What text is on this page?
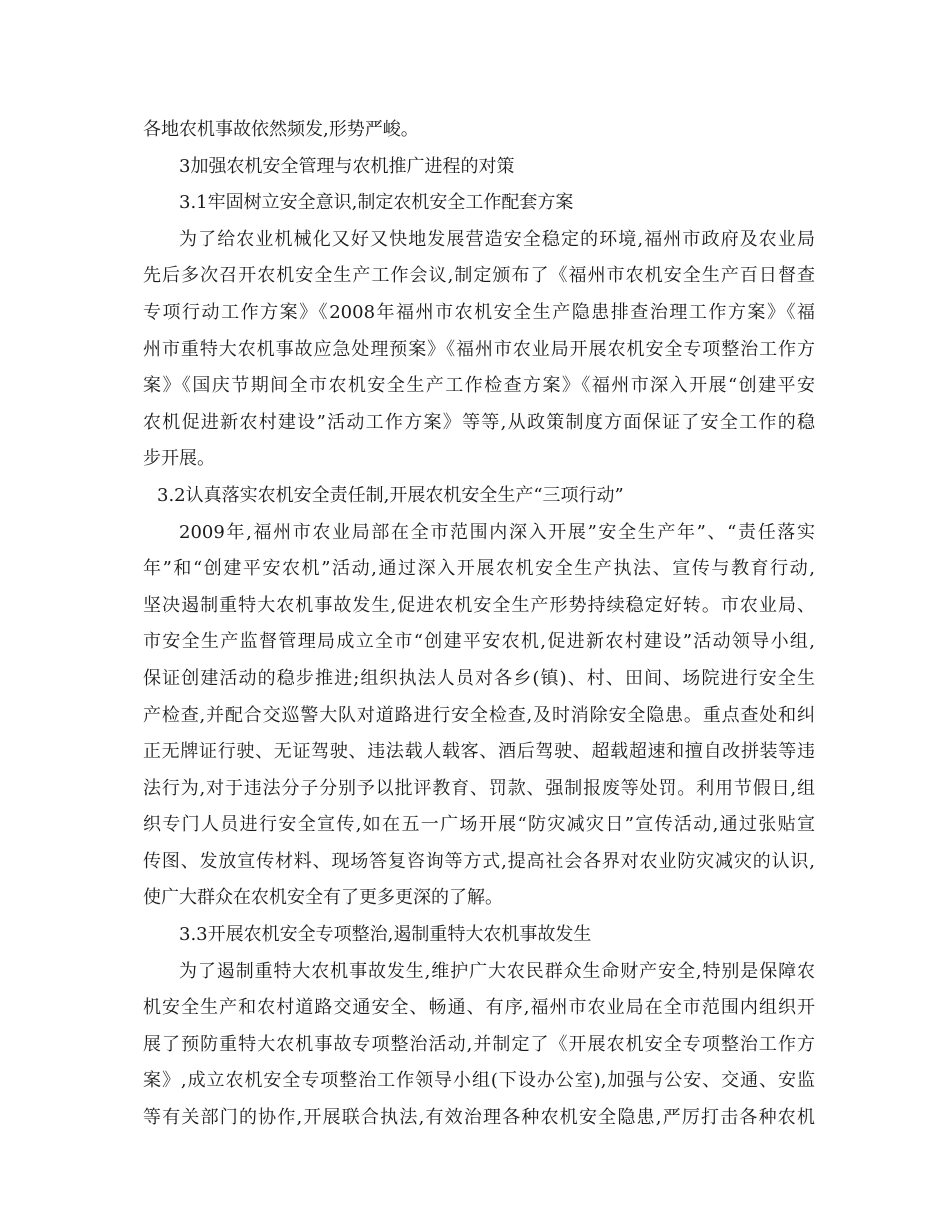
各地农机事故依然频发,形势严峻。
3加强农机安全管理与农机推广进程的对策
3.1牢固树立安全意识,制定农机安全工作配套方案
为了给农业机械化又好又快地发展营造安全稳定的环境,福州市政府及农业局
先后多次召开农机安全生产工作会议,制定颁布了《福州市农机安全生产百日督查
专项行动工作方案》《2008年福州市农机安全生产隐患排查治理工作方案》《福
州市重特大农机事故应急处理预案》《福州市农业局开展农机安全专项整治工作方
案》《国庆节期间全市农机安全生产工作检查方案》《福州市深入开展“创建平安
农机促进新农村建设”活动工作方案》等等,从政策制度方面保证了安全工作的稳
步开展。
3.2认真落实农机安全责任制,开展农机安全生产“三项行动”
2009年,福州市农业局部在全市范围内深入开展”安全生产年”、“责任落实
年”和“创建平安农机”活动,通过深入开展农机安全生产执法、宣传与教育行动,
坚决遏制重特大农机事故发生,促进农机安全生产形势持续稳定好转。市农业局、
市安全生产监督管理局成立全市“创建平安农机,促进新农村建设”活动领导小组,
保证创建活动的稳步推进;组织执法人员对各乡(镇)、村、田间、场院进行安全生
产检查,并配合交巡警大队对道路进行安全检查,及时消除安全隐患。重点查处和纠
正无牌证行驶、无证驾驶、违法载人载客、酒后驾驶、超载超速和擅自改拼装等违
法行为,对于违法分子分别予以批评教育、罚款、强制报废等处罚。利用节假日,组
织专门人员进行安全宣传,如在五一广场开展“防灾减灾日”宣传活动,通过张贴宣
传图、发放宣传材料、现场答复咨询等方式,提高社会各界对农业防灾减灾的认识,
使广大群众在农机安全有了更多更深的了解。
3.3开展农机安全专项整治,遏制重特大农机事故发生
为了遏制重特大农机事故发生,维护广大农民群众生命财产安全,特别是保障农
机安全生产和农村道路交通安全、畅通、有序,福州市农业局在全市范围内组织开
展了预防重特大农机事故专项整治活动,并制定了《开展农机安全专项整治工作方
案》,成立农机安全专项整治工作领导小组(下设办公室),加强与公安、交通、安监
等有关部门的协作,开展联合执法,有效治理各种农机安全隐患,严厉打击各种农机
